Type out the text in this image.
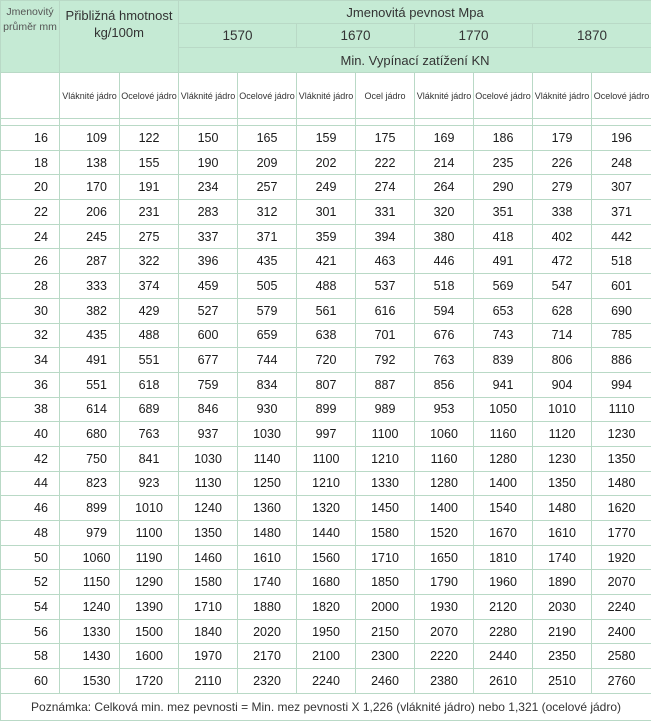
Jmenovitý
průměr mm	Přibližná hmotnost
kg/100m		Jmenovitá pevnost Mpa							
			1570		1670		1770		1870	
			Min. Vypínací zatížení KN							
	Vláknité jádro	Ocelové jádro	Vláknité jádro	Ocelové jádro	Vláknité jádro	Ocel jádro	Vláknité jádro	Ocelové jádro	Vláknité jádro	Ocelové jádro

16	109	122	150	165	159	175	169	186	179	196
18	138	155	190	209	202	222	214	235	226	248
20	170	191	234	257	249	274	264	290	279	307
22	206	231	283	312	301	331	320	351	338	371
24	245	275	337	371	359	394	380	418	402	442
26	287	322	396	435	421	463	446	491	472	518
28	333	374	459	505	488	537	518	569	547	601
30	382	429	527	579	561	616	594	653	628	690
32	435	488	600	659	638	701	676	743	714	785
34	491	551	677	744	720	792	763	839	806	886
36	551	618	759	834	807	887	856	941	904	994
38	614	689	846	930	899	989	953	1050	1010	1110
40	680	763	937	1030	997	1100	1060	1160	1120	1230
42	750	841	1030	1140	1100	1210	1160	1280	1230	1350
44	823	923	1130	1250	1210	1330	1280	1400	1350	1480
46	899	1010	1240	1360	1320	1450	1400	1540	1480	1620
48	979	1100	1350	1480	1440	1580	1520	1670	1610	1770
50	1060	1190	1460	1610	1560	1710	1650	1810	1740	1920
52	1150	1290	1580	1740	1680	1850	1790	1960	1890	2070
54	1240	1390	1710	1880	1820	2000	1930	2120	2030	2240
56	1330	1500	1840	2020	1950	2150	2070	2280	2190	2400
58	1430	1600	1970	2170	2100	2300	2220	2440	2350	2580
60	1530	1720	2110	2320	2240	2460	2380	2610	2510	2760
Poznámka: Celková min. mez pevnosti = Min. mez pevnosti X 1,226 (vláknité jádro) nebo 1,321 (ocelové jádro)										
